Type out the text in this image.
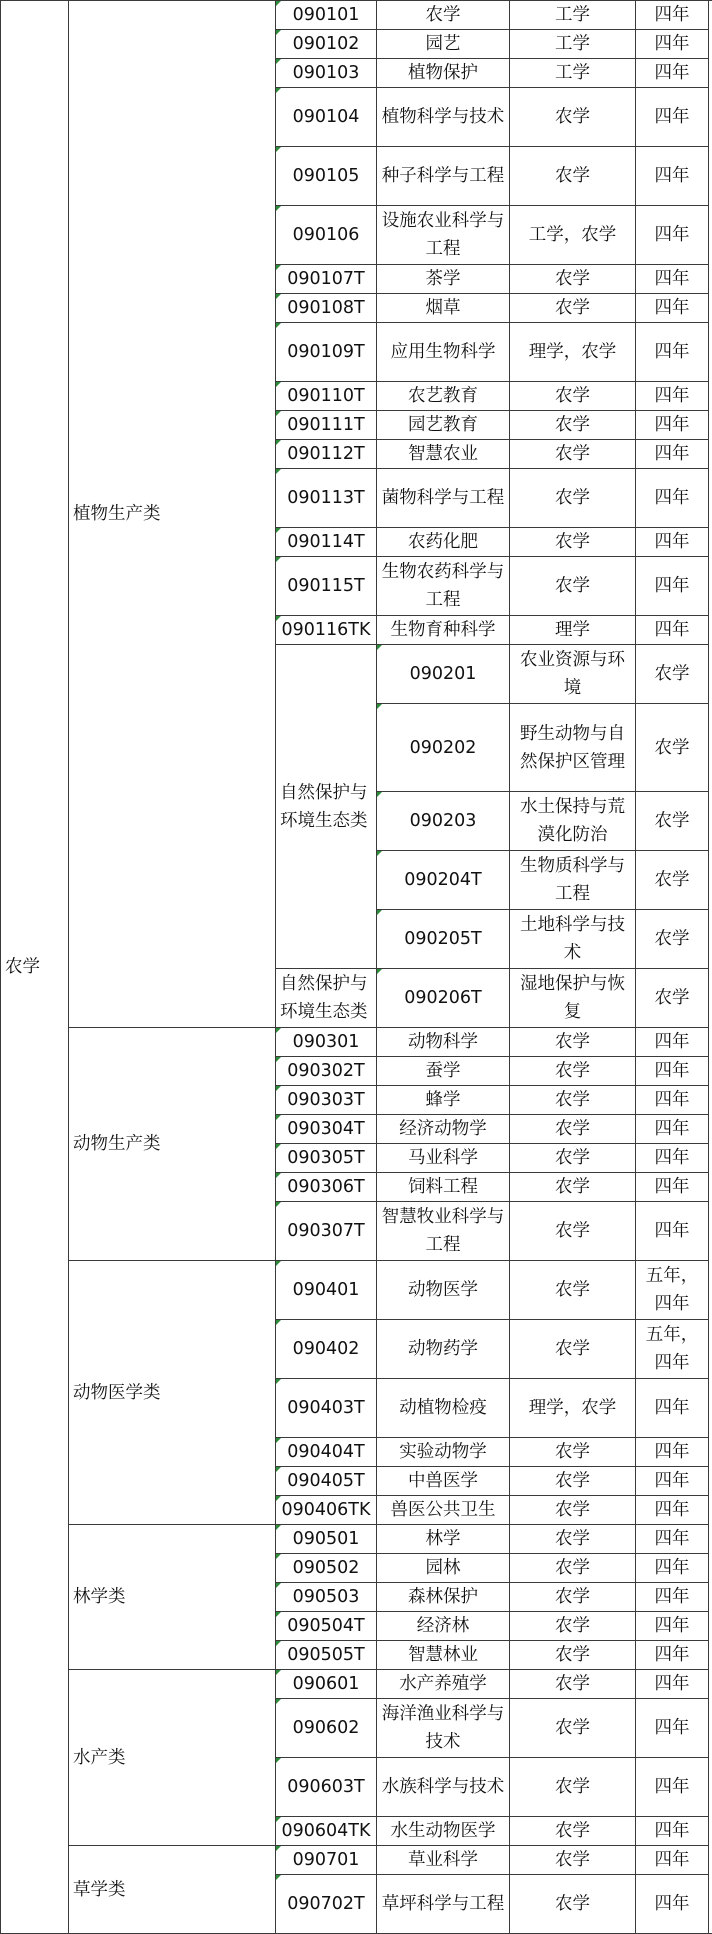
农学	植物生产类	090101	农学	工学	四年		
		090102	园艺	工学	四年		
		090103	植物保护	工学	四年		
		090104	植物科学与技术	农学	四年		
		090105	种子科学与工程	农学	四年		
		090106	设施农业科学与工程	工学，农学	四年		
		090107T	茶学	农学	四年		
		090108T	烟草	农学	四年		
		090109T	应用生物科学	理学，农学	四年		
		090110T	农艺教育	农学	四年		
		090111T	园艺教育	农学	四年		
		090112T	智慧农业	农学	四年		
		090113T	菌物科学与工程	农学	四年		
		090114T	农药化肥	农学	四年		
		090115T	生物农药科学与工程	农学	四年		
		090116TK	生物育种科学	理学	四年		
		自然保护与环境生态类	090201	农业资源与环境	农学	
			090202	野生动物与自然保护区管理	农学	
			090203	水土保持与荒漠化防治	农学	
			090204T	生物质科学与工程	农学	
			090205T	土地科学与技术	农学	
		自然保护与环境生态类	090206T	湿地保护与恢复	农学	
	动物生产类	090301	动物科学	农学	四年		
		090302T	蚕学	农学	四年		
		090303T	蜂学	农学	四年		
		090304T	经济动物学	农学	四年		
		090305T	马业科学	农学	四年		
		090306T	饲料工程	农学	四年		
		090307T	智慧牧业科学与工程	农学	四年		
	动物医学类	090401	动物医学	农学	五年，四年		
		090402	动物药学	农学	五年，四年		
		090403T	动植物检疫	理学，农学	四年		
		090404T	实验动物学	农学	四年		
		090405T	中兽医学	农学	四年		
		090406TK	兽医公共卫生	农学	四年		
	林学类	090501	林学	农学	四年		
		090502	园林	农学	四年		
		090503	森林保护	农学	四年		
		090504T	经济林	农学	四年		
		090505T	智慧林业	农学	四年		
	水产类	090601	水产养殖学	农学	四年		
		090602	海洋渔业科学与技术	农学	四年		
		090603T	水族科学与技术	农学	四年		
		090604TK	水生动物医学	农学	四年		
	草学类	090701	草业科学	农学	四年		
		090702T	草坪科学与工程	农学	四年		
